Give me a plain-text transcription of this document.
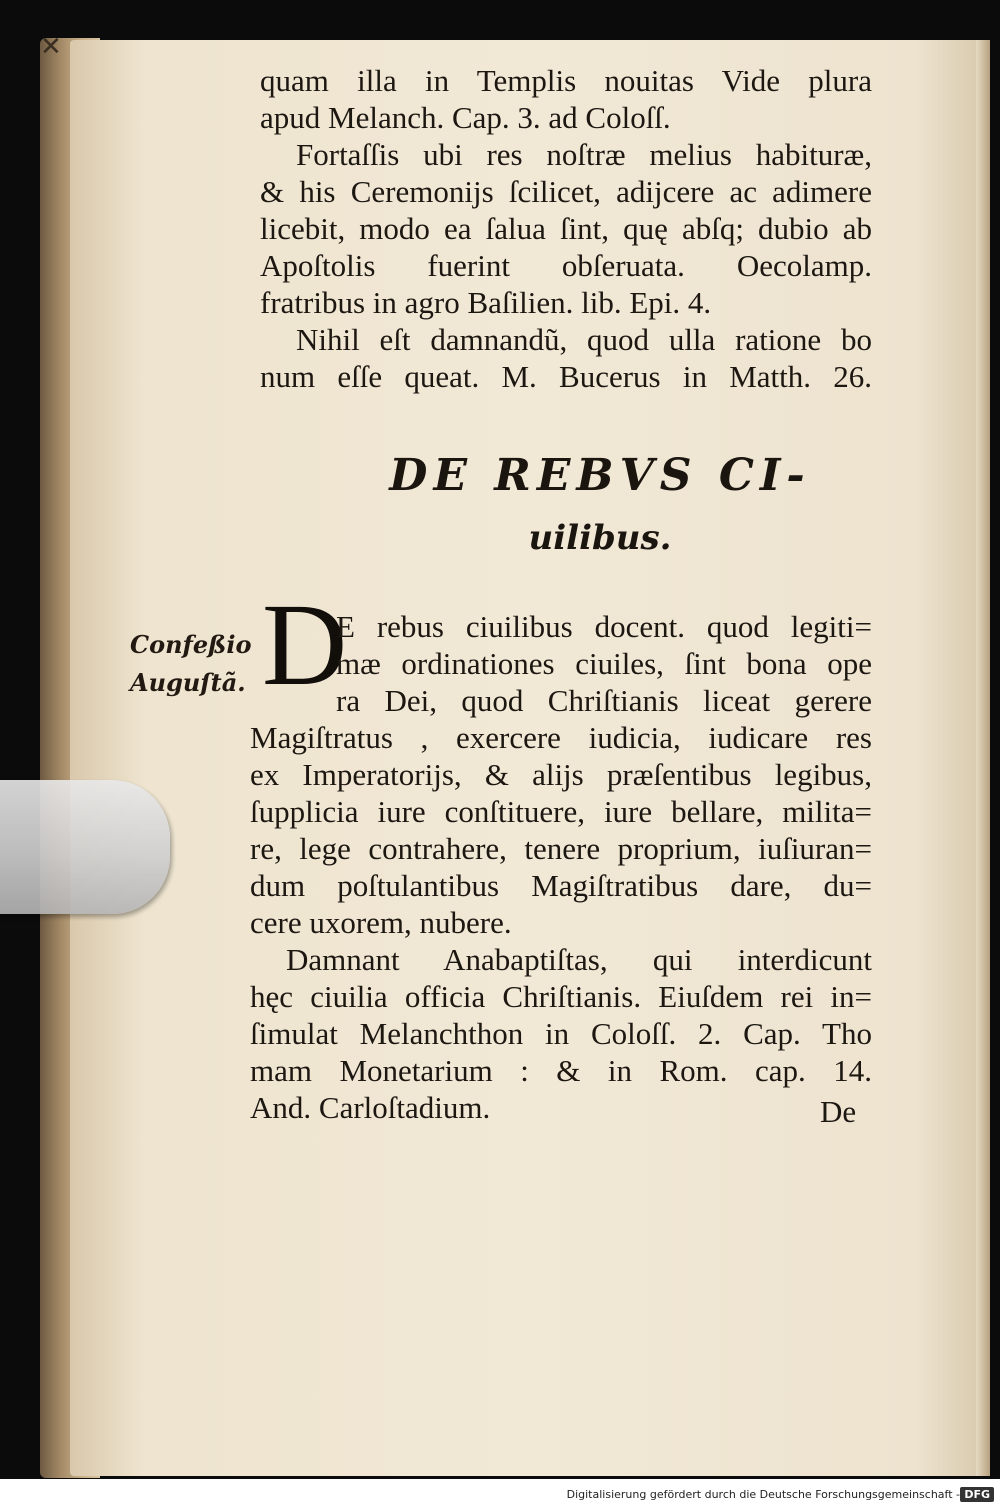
✕
quam illa in Templis nouitas Vide plura
apud Melanch. Cap. 3. ad Coloſſ.
Fortaſſis ubi res noſtræ melius habituræ,
& his Ceremonijs ſcilicet, adijcere ac adimere
licebit, modo ea ſalua ſint, quę abſq; dubio ab
Apoſtolis fuerint obſeruata. Oecolamp.
fratribus in agro Baſilien. lib. Epi. 4.
Nihil eſt damnandũ, quod ulla ratione bo
num eſſe queat. M. Bucerus in Matth. 26.
DE REBVS CI-
uilibus.
Confeßio
Auguſtã. D
E rebus ciuilibus docent. quod legiti=
mæ ordinationes ciuiles, ſint bona ope
ra Dei, quod Chriſtianis liceat gerere
Magiſtratus , exercere iudicia, iudicare res
ex Imperatorijs, & alijs præſentibus legibus,
ſupplicia iure conſtituere, iure bellare, milita=
re, lege contrahere, tenere proprium, iuſiuran=
dum poſtulantibus Magiſtratibus dare, du=
cere uxorem, nubere.
Damnant Anabaptiſtas, qui interdicunt
hęc ciuilia officia Chriſtianis. Eiuſdem rei in=
ſimulat Melanchthon in Coloſſ. 2. Cap. Tho
mam Monetarium : & in Rom. cap. 14.
And. Carloſtadium.	De
Digitalisierung gefördert durch die Deutsche Forschungsgemeinschaft - DFG
